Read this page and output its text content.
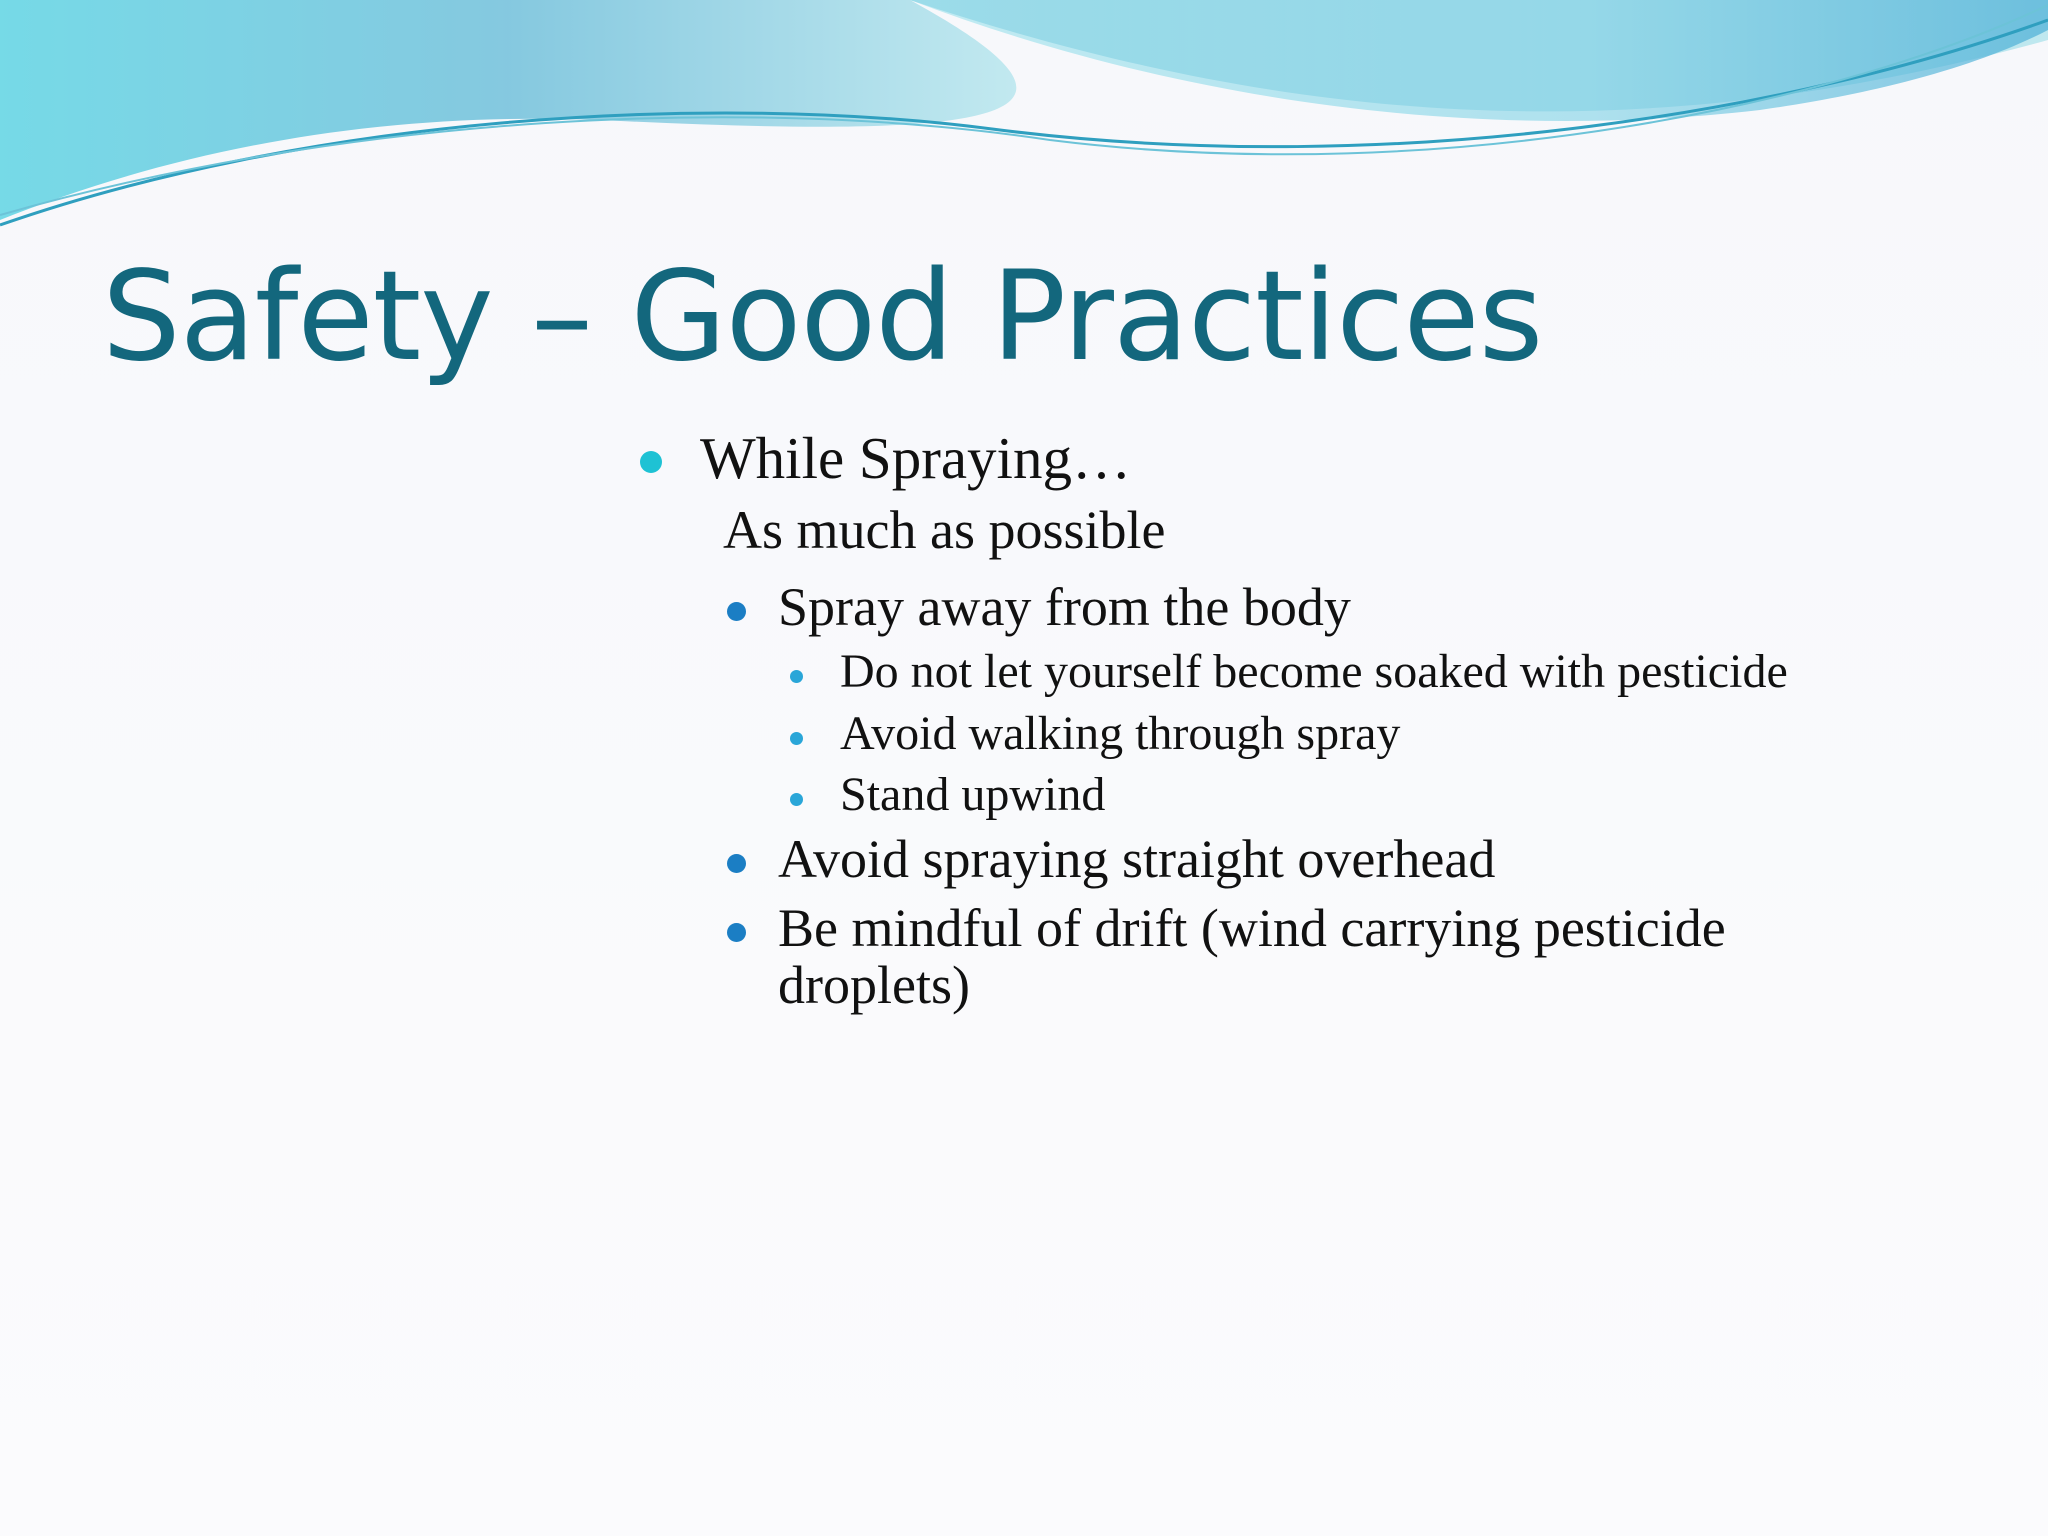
Safety – Good Practices
While Spraying…
As much as possible
Spray away from the body
Do not let yourself become soaked with pesticide
Avoid walking through spray
Stand upwind
Avoid spraying straight overhead
Be mindful of drift (wind carrying pesticide droplets)
